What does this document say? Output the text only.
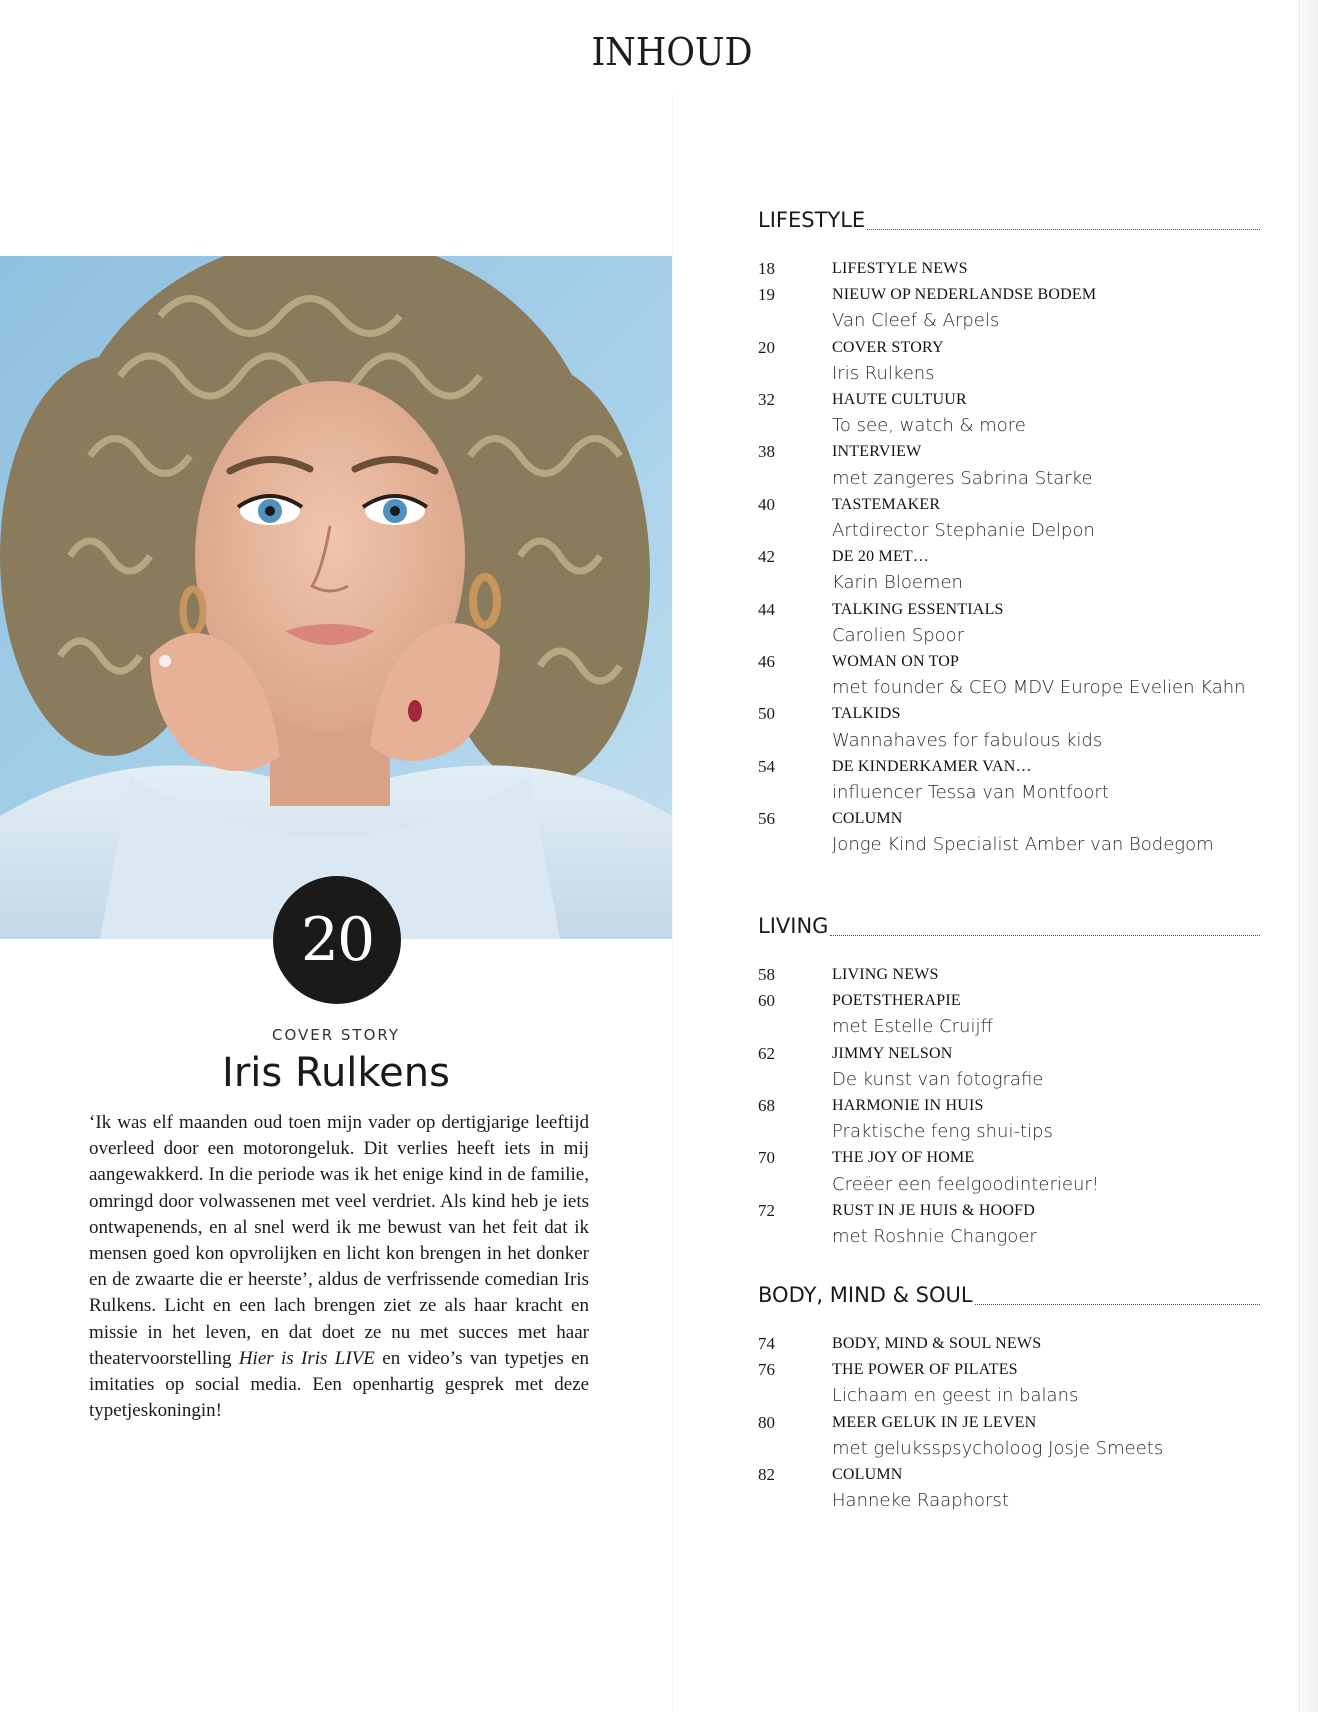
INHOUD
20
COVER STORY
Iris Rulkens

‘Ik was elf maanden oud toen mijn vader op dertigjarige leeftijd overleed door een motorongeluk. Dit verlies heeft iets in mij aangewakkerd. In die periode was ik het enige kind in de familie, omringd door volwassenen met veel verdriet. Als kind heb je iets ontwapenends, en al snel werd ik me bewust van het feit dat ik mensen goed kon opvrolijken en licht kon brengen in het donker en de zwaarte die er heerste’, aldus de verfrissende comedian Iris Rulkens. Licht en een lach brengen ziet ze als haar kracht en missie in het leven, en dat doet ze nu met succes met haar theatervoorstelling Hier is Iris LIVE en video’s van typetjes en imitaties op social media. Een openhartig gesprek met deze typetjeskoningin!

LIFESTYLE
18	LIFESTYLE NEWS
19	NIEUW OP NEDERLANDSE BODEM
Van Cleef & Arpels
20	COVER STORY
Iris Rulkens
32	HAUTE CULTUUR
To see, watch & more
38	INTERVIEW
met zangeres Sabrina Starke
40	TASTEMAKER
Artdirector Stephanie Delpon
42	DE 20 MET…
Karin Bloemen
44	TALKING ESSENTIALS
Carolien Spoor
46	WOMAN ON TOP
met founder & CEO MDV Europe Evelien Kahn
50	TALKIDS
Wannahaves for fabulous kids
54	DE KINDERKAMER VAN…
influencer Tessa van Montfoort
56	COLUMN
Jonge Kind Specialist Amber van Bodegom
LIVING
58	LIVING NEWS
60	POETSTHERAPIE
met Estelle Cruijff
62	JIMMY NELSON
De kunst van fotografie
68	HARMONIE IN HUIS
Praktische feng shui-tips
70	THE JOY OF HOME
Creëer een feelgoodinterieur!
72	RUST IN JE HUIS & HOOFD
met Roshnie Changoer
BODY, MIND & SOUL
74	BODY, MIND & SOUL NEWS
76	THE POWER OF PILATES
Lichaam en geest in balans
80	MEER GELUK IN JE LEVEN
met geluksspsycholoog Josje Smeets
82	COLUMN
Hanneke Raaphorst
